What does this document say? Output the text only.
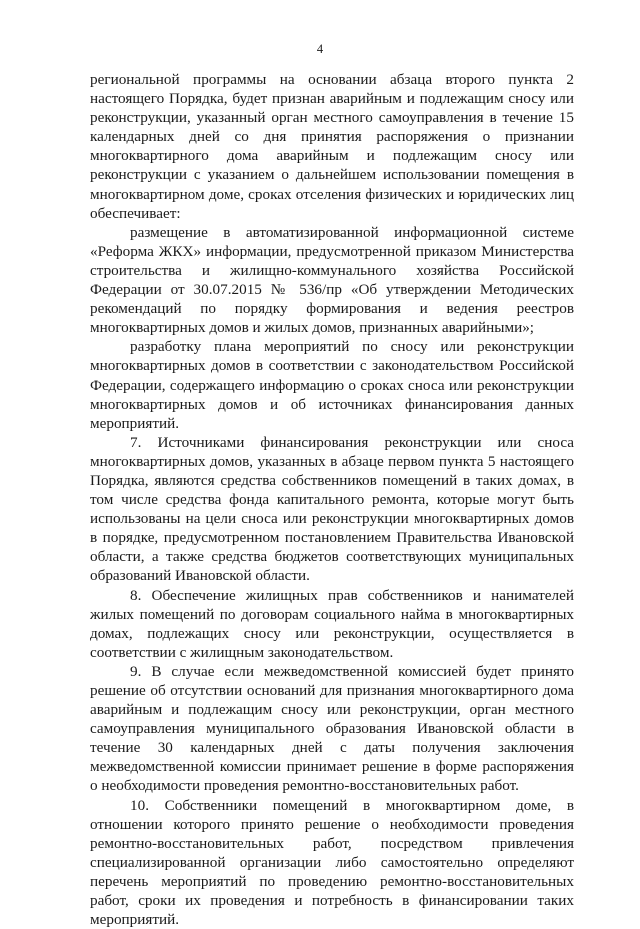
4

региональной программы на основании абзаца второго пункта 2 настоящего Порядка, будет признан аварийным и подлежащим сносу или реконструкции, указанный орган местного самоуправления в течение 15 календарных дней со дня принятия распоряжения о признании многоквартирного дома аварийным и подлежащим сносу или реконструкции с указанием о дальнейшем использовании помещения в многоквартирном доме, сроках отселения физических и юридических лиц обеспечивает:

размещение в автоматизированной информационной системе «Реформа ЖКХ» информации, предусмотренной приказом Министерства строительства и жилищно-коммунального хозяйства Российской Федерации от 30.07.2015 № 536/пр «Об утверждении Методических рекомендаций по порядку формирования и ведения реестров многоквартирных домов и жилых домов, признанных аварийными»;

разработку плана мероприятий по сносу или реконструкции многоквартирных домов в соответствии с законодательством Российской Федерации, содержащего информацию о сроках сноса или реконструкции многоквартирных домов и об источниках финансирования данных мероприятий.

7. Источниками финансирования реконструкции или сноса многоквартирных домов, указанных в абзаце первом пункта 5 настоящего Порядка, являются средства собственников помещений в таких домах, в том числе средства фонда капитального ремонта, которые могут быть использованы на цели сноса или реконструкции многоквартирных домов в порядке, предусмотренном постановлением Правительства Ивановской области, а также средства бюджетов соответствующих муниципальных образований Ивановской области.

8. Обеспечение жилищных прав собственников и нанимателей жилых помещений по договорам социального найма в многоквартирных домах, подлежащих сносу или реконструкции, осуществляется в соответствии с жилищным законодательством.

9. В случае если межведомственной комиссией будет принято решение об отсутствии оснований для признания многоквартирного дома аварийным и подлежащим сносу или реконструкции, орган местного самоуправления муниципального образования Ивановской области в течение 30 календарных дней с даты получения заключения межведомственной комиссии принимает решение в форме распоряжения о необходимости проведения ремонтно-восстановительных работ.

10. Собственники помещений в многоквартирном доме, в отношении которого принято решение о необходимости проведения ремонтно-восстановительных работ, посредством привлечения специализированной организации либо самостоятельно определяют перечень мероприятий по проведению ремонтно-восстановительных работ, сроки их проведения и потребность в финансировании таких мероприятий.
